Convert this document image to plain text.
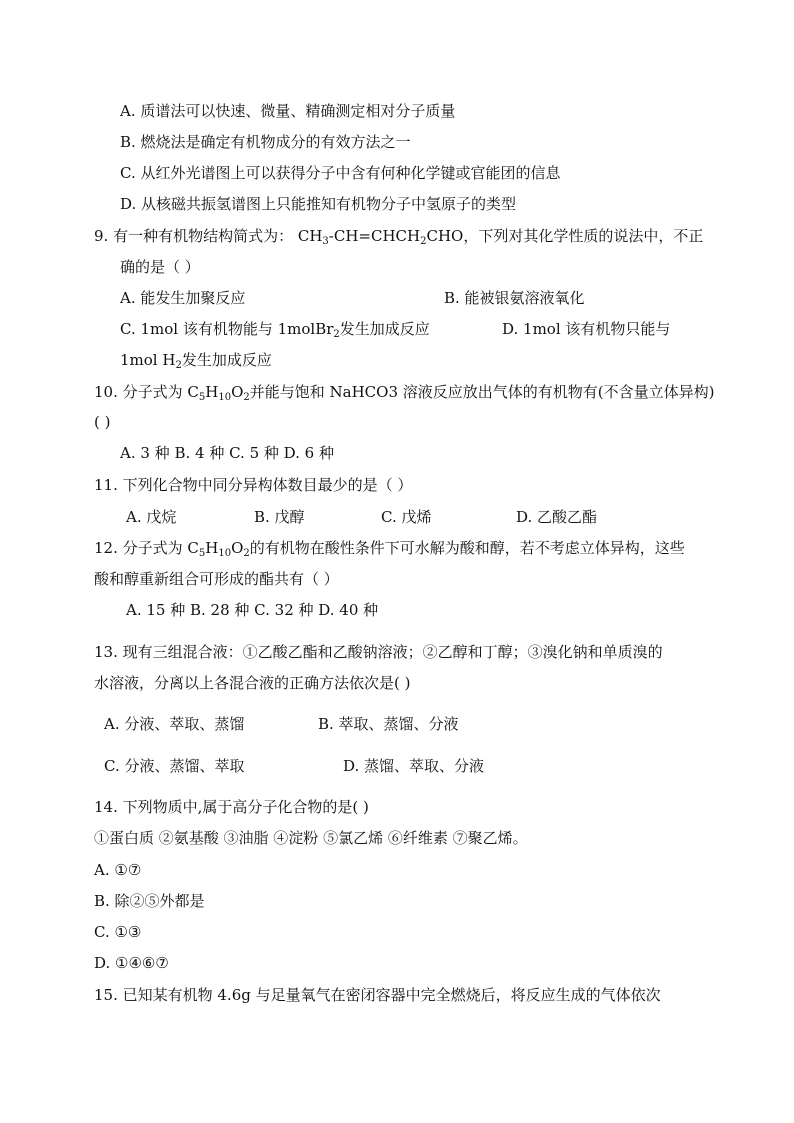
A. 质谱法可以快速、微量、精确测定相对分子质量
B. 燃烧法是确定有机物成分的有效方法之一
C. 从红外光谱图上可以获得分子中含有何种化学键或官能团的信息
D. 从核磁共振氢谱图上只能推知有机物分子中氢原子的类型
9. 有一种有机物结构简式为： $CH_3-CH=CHCH_2CHO$，下列对其化学性质的说法中，不正
确的是（ ）
A. 能发生加聚反应	B. 能被银氨溶液氧化
C. 1mol 该有机物能与 1molBr$_2$发生加成反应	D. 1mol 该有机物只能与
1mol $H_2$发生加成反应
10. 分子式为 $C_5H_{10}O_2$并能与饱和 NaHCO3 溶液反应放出气体的有机物有(不含量立体异构)
( )
A. 3 种 B. 4 种 C. 5 种 D. 6 种
11. 下列化合物中同分异构体数目最少的是（ ）
A. 戊烷	B. 戊醇	C. 戊烯	D. 乙酸乙酯
12. 分子式为 $C_5H_{10}O_2$的有机物在酸性条件下可水解为酸和醇，若不考虑立体异构，这些
酸和醇重新组合可形成的酯共有（ ）
A. 15 种 B. 28 种 C. 32 种 D. 40 种
13. 现有三组混合液：①乙酸乙酯和乙酸钠溶液；②乙醇和丁醇；③溴化钠和单质溴的
水溶液，分离以上各混合液的正确方法依次是( )
A. 分液、萃取、蒸馏	B. 萃取、蒸馏、分液
C. 分液、蒸馏、萃取	D. 蒸馏、萃取、分液
14. 下列物质中,属于高分子化合物的是( )
①蛋白质 ②氨基酸 ③油脂 ④淀粉 ⑤氯乙烯 ⑥纤维素 ⑦聚乙烯。
A. ①⑦
B. 除②⑤外都是
C. ①③
D. ①④⑥⑦
15. 已知某有机物 4.6g 与足量氧气在密闭容器中完全燃烧后，将反应生成的气体依次
